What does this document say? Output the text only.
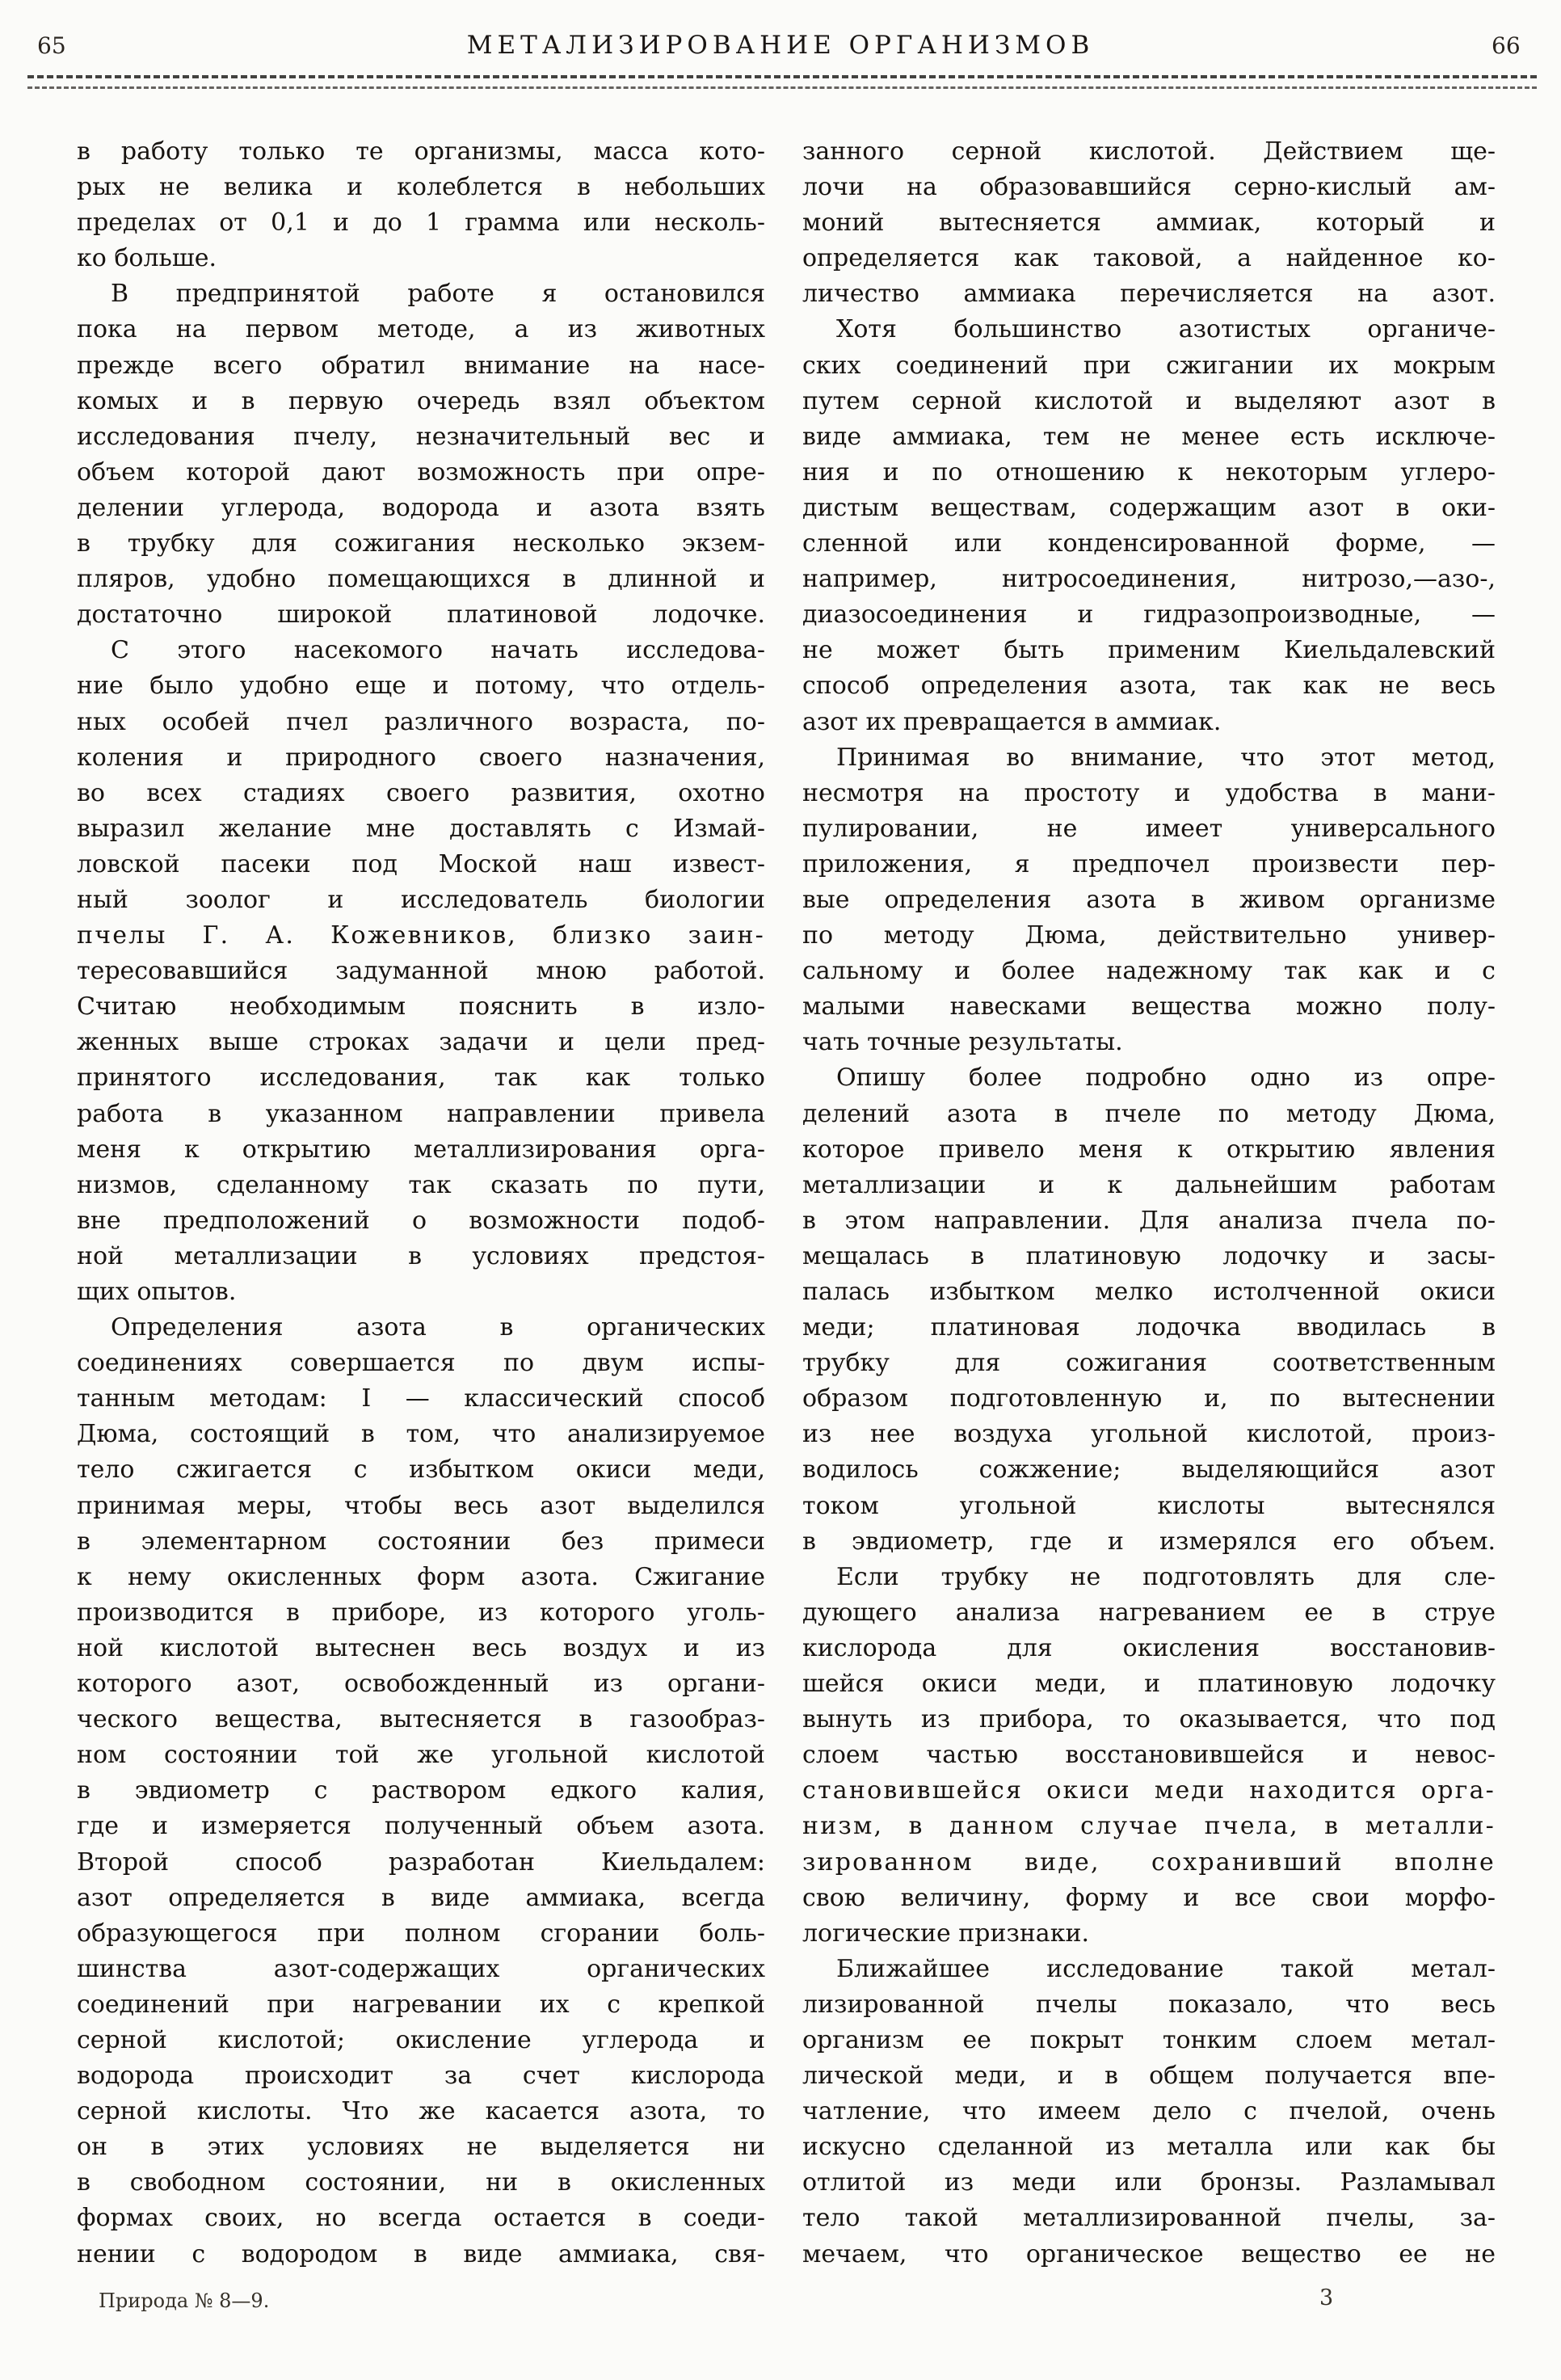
65	МЕТАЛИЗИРОВАНИЕ ОРГАНИЗМОВ	66
в работу только те организмы, масса кото-
рых не велика и колеблется в небольших
пределах от 0,1 и до 1 грамма или несколь-
ко больше.
В предпринятой работе я остановился
пока на первом методе, а из животных
прежде всего обратил внимание на насе-
комых и в первую очередь взял объектом
исследования пчелу, незначительный вес и
объем которой дают возможность при опре-
делении углерода, водорода и азота взять
в трубку для сожигания несколько экзем-
пляров, удобно помещающихся в длинной и
достаточно широкой платиновой лодочке.
С этого насекомого начать исследова-
ние было удобно еще и потому, что отдель-
ных особей пчел различного возраста, по-
коления и природного своего назначения,
во всех стадиях своего развития, охотно
выразил желание мне доставлять с Измай-
ловской пасеки под Моской наш извест-
ный зоолог и исследователь биологии
пчелы Г. А. Кожевников, близко заин-
тересовавшийся задуманной мною работой.
Считаю необходимым пояснить в изло-
женных выше строках задачи и цели пред-
принятого исследования, так как только
работа в указанном направлении привела
меня к открытию металлизирования орга-
низмов, сделанному так сказать по пути,
вне предположений о возможности подоб-
ной металлизации в условиях предстоя-
щих опытов.
Определения азота в органических
соединениях совершается по двум испы-
танным методам: I — классический способ
Дюма, состоящий в том, что анализируемое
тело сжигается с избытком окиси меди,
принимая меры, чтобы весь азот выделился
в элементарном состоянии без примеси
к нему окисленных форм азота. Сжигание
производится в приборе, из которого уголь-
ной кислотой вытеснен весь воздух и из
которого азот, освобожденный из органи-
ческого вещества, вытесняется в газообраз-
ном состоянии той же угольной кислотой
в эвдиометр с раствором едкого калия,
где и измеряется полученный объем азота.
Второй способ разработан Киельдалем:
азот определяется в виде аммиака, всегда
образующегося при полном сгорании боль-
шинства азот-содержащих органических
соединений при нагревании их с крепкой
серной кислотой; окисление углерода и
водорода происходит за счет кислорода
серной кислоты. Что же касается азота, то
он в этих условиях не выделяется ни
в свободном состоянии, ни в окисленных
формах своих, но всегда остается в соеди-
нении с водородом в виде аммиака, свя-
занного серной кислотой. Действием ще-
лочи на образовавшийся серно-кислый ам-
моний вытесняется аммиак, который и
определяется как таковой, а найденное ко-
личество аммиака перечисляется на азот.
Хотя большинство азотистых органиче-
ских соединений при сжигании их мокрым
путем серной кислотой и выделяют азот в
виде аммиака, тем не менее есть исключе-
ния и по отношению к некоторым углеро-
дистым веществам, содержащим азот в оки-
сленной или конденсированной форме, —
например, нитросоединения, нитрозо,—азо-,
диазосоединения и гидразопроизводные, —
не может быть применим Киельдалевский
способ определения азота, так как не весь
азот их превращается в аммиак.
Принимая во внимание, что этот метод,
несмотря на простоту и удобства в мани-
пулировании, не имеет универсального
приложения, я предпочел произвести пер-
вые определения азота в живом организме
по методу Дюма, действительно универ-
сальному и более надежному так как и с
малыми навесками вещества можно полу-
чать точные результаты.
Опишу более подробно одно из опре-
делений азота в пчеле по методу Дюма,
которое привело меня к открытию явления
металлизации и к дальнейшим работам
в этом направлении. Для анализа пчела по-
мещалась в платиновую лодочку и засы-
палась избытком мелко истолченной окиси
меди; платиновая лодочка вводилась в
трубку для сожигания соответственным
образом подготовленную и, по вытеснении
из нее воздуха угольной кислотой, произ-
водилось сожжение; выделяющийся азот
током угольной кислоты вытеснялся
в эвдиометр, где и измерялся его объем.
Если трубку не подготовлять для сле-
дующего анализа нагреванием ее в струе
кислорода для окисления восстановив-
шейся окиси меди, и платиновую лодочку
вынуть из прибора, то оказывается, что под
слоем частью восстановившейся и невос-
становившейся окиси меди находится орга-
низм, в данном случае пчела, в металли-
зированном виде, сохранивший вполне
свою величину, форму и все свои морфо-
логические признаки.
Ближайшее исследование такой метал-
лизированной пчелы показало, что весь
организм ее покрыт тонким слоем метал-
лической меди, и в общем получается впе-
чатление, что имеем дело с пчелой, очень
искусно сделанной из металла или как бы
отлитой из меди или бронзы. Разламывал
тело такой металлизированной пчелы, за-
мечаем, что органическое вещество ее не
Природа № 8—9.	3
